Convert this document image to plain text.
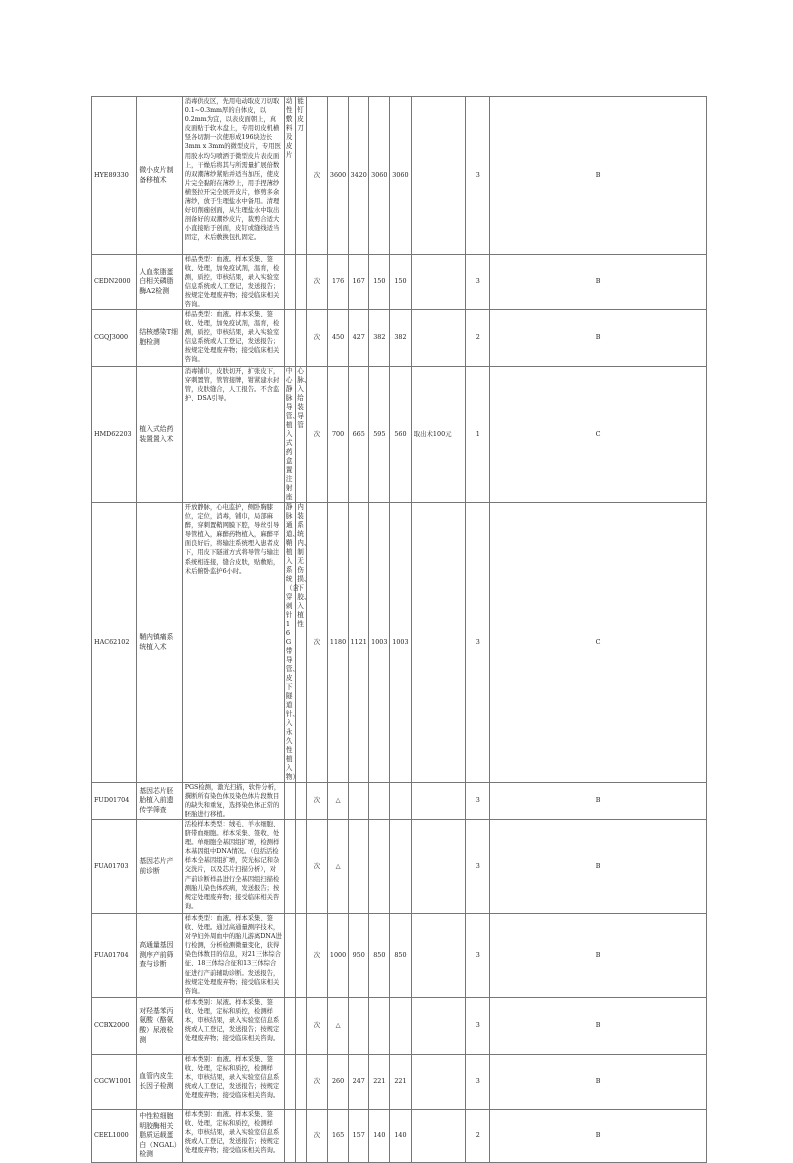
HYE89330	微小皮片制备移植术	消毒供皮区，先用电动取皮刀切取0.1~0.3mm厚的自体皮，以0.2mm为宜，以表皮面朝上，真皮面贴于软木盘上，专用切皮机横竖各切割一次使形成196块边长3mm x 3mm的微型皮片，专用医用胶水均匀喷洒于微型皮片表皮面上，干燥后将其与所需量扩展倍数的双潮薄纱紧贴并适当加压，使皮片完全黏附在薄纱上，用手捏薄纱横竖拉开完全展开皮片，修剪多余薄纱，放于生理盐水中备用。清理好切削痂创面，从生理盐水中取出剖备好的双潮纱皮片，裁剪合适大小直接贴于创面，皮钉或缝线适当固定，术后敷换包扎固定。	动性敷料及皮片	能钉皮刀	次	3600	3420	3060	3060		3	B
CEDN2000	人血浆脂蛋白相关磷脂酶A2检测	样品类型：血液。样本采集、签收、处理，加免疫试剂，温育，检测，质控，审核结果，录入实验室信息系统或人工登记，发送报告；按规定处理废弃物；接受临床相关咨询。			次	176	167	150	150		3	B
CGQJ3000	结核感染T细胞检测	样品类型：血液。样本采集、签收、处理，加免疫试剂，温育，检测，质控，审核结果，录入实验室信息系统或人工登记，发送报告；按规定处理废弃物；接受临床相关咨询。			次	450	427	382	382		2	B
HMD62203	植入式给药装置置入术	消毒铺巾，皮肤切开，扩张皮下，穿刺置管，管管接牌，钳紧建水封管，皮肤缝合，人工报告。不含监护、DSA引导。	中心静脉导管、植入式药盒置注射座	心脉、入给装导管	次	700	665	595	560	取出术100元	1	C
HAC62102	鞘内镇痛系统植入术	开放静脉，心电监护，侧卧胸膝位，定位，消毒，铺巾，局部麻醉，穿刺置鞘网膜下腔，导丝引导导管植入，麻醉药物植入，麻醉平面良好后，将输注系统埋入患者皮下，用皮下隧道方式将导管与输注系统相连接，缝合皮肤，贴敷贴，术后俯卧监护6小时。	静脉通道、鞘植入系统（含穿刺针16G带导管、皮下隧道针、入永久性植入物）	内装系统内、制无伤损、下胶、入植性	次	1180	1121	1003	1003		3	C
FUD01704	基因芯片胚胎植入前遗传学筛查	PGS检测，激光扫描，软件分析，撰断所有染色体及染色体片段数目的缺失和重复，选择染色体正常的胚胎进行移植。			次	△					3	B
FUA01703	基因芯片产前诊断	活检样本类型：绒毛、羊水细胞、脐带血细胞。样本采集、签收、处理。单细胞全基因组扩增，检测样本基因组中DNA情况。（包括活检样本全基因组扩增，荧光标记和杂交洗片，以及芯片扫描分析），对产前诊断样品进行全基因组扫描检测胎儿染色体疾病，发送报告；按规定处理废弃物；接受临床相关咨询。			次	△					3	B
FUA01704	高通量基因测序产前筛查与诊断	样本类型：血液。样本采集、签收、处理。通过高通量测序技术，对孕妇外周血中的胎儿游离DNA进行检测，分析检测微量变化，获得染色体数目的信息，对21三体综合征、18三体综合征和13三体综合征进行产前辅助诊断。发送报告，按规定处理废弃物；接受临床相关咨询。			次	1000	950	850	850		3	B
CCBX2000	对羟基苯丙氨酸（酪氨酸）尿液检测	样本类别：尿液。样本采集、签收、处理，定标和质控，检测样本，审核结果，录入实验室信息系统或人工登记，发送报告；按规定处理废弃物；接受临床相关咨询。			次	△					3	B
CGCW1001	血管内皮生长因子检测	样本类别：血液。样本采集、签收、处理，定标和质控，检测样本，审核结果，录入实验室信息系统或人工登记，发送报告；按规定处理废弃物；接受临床相关咨询。			次	260	247	221	221		3	B
CEEL1000	中性粒细胞明胶酶相关脂质运载蛋白（NGAL）检测	样本类别：血液。样本采集、签收、处理，定标和质控，检测样本，审核结果，录入实验室信息系统或人工登记，发送报告；按规定处理废弃物；接受临床相关咨询。			次	165	157	140	140		2	B
